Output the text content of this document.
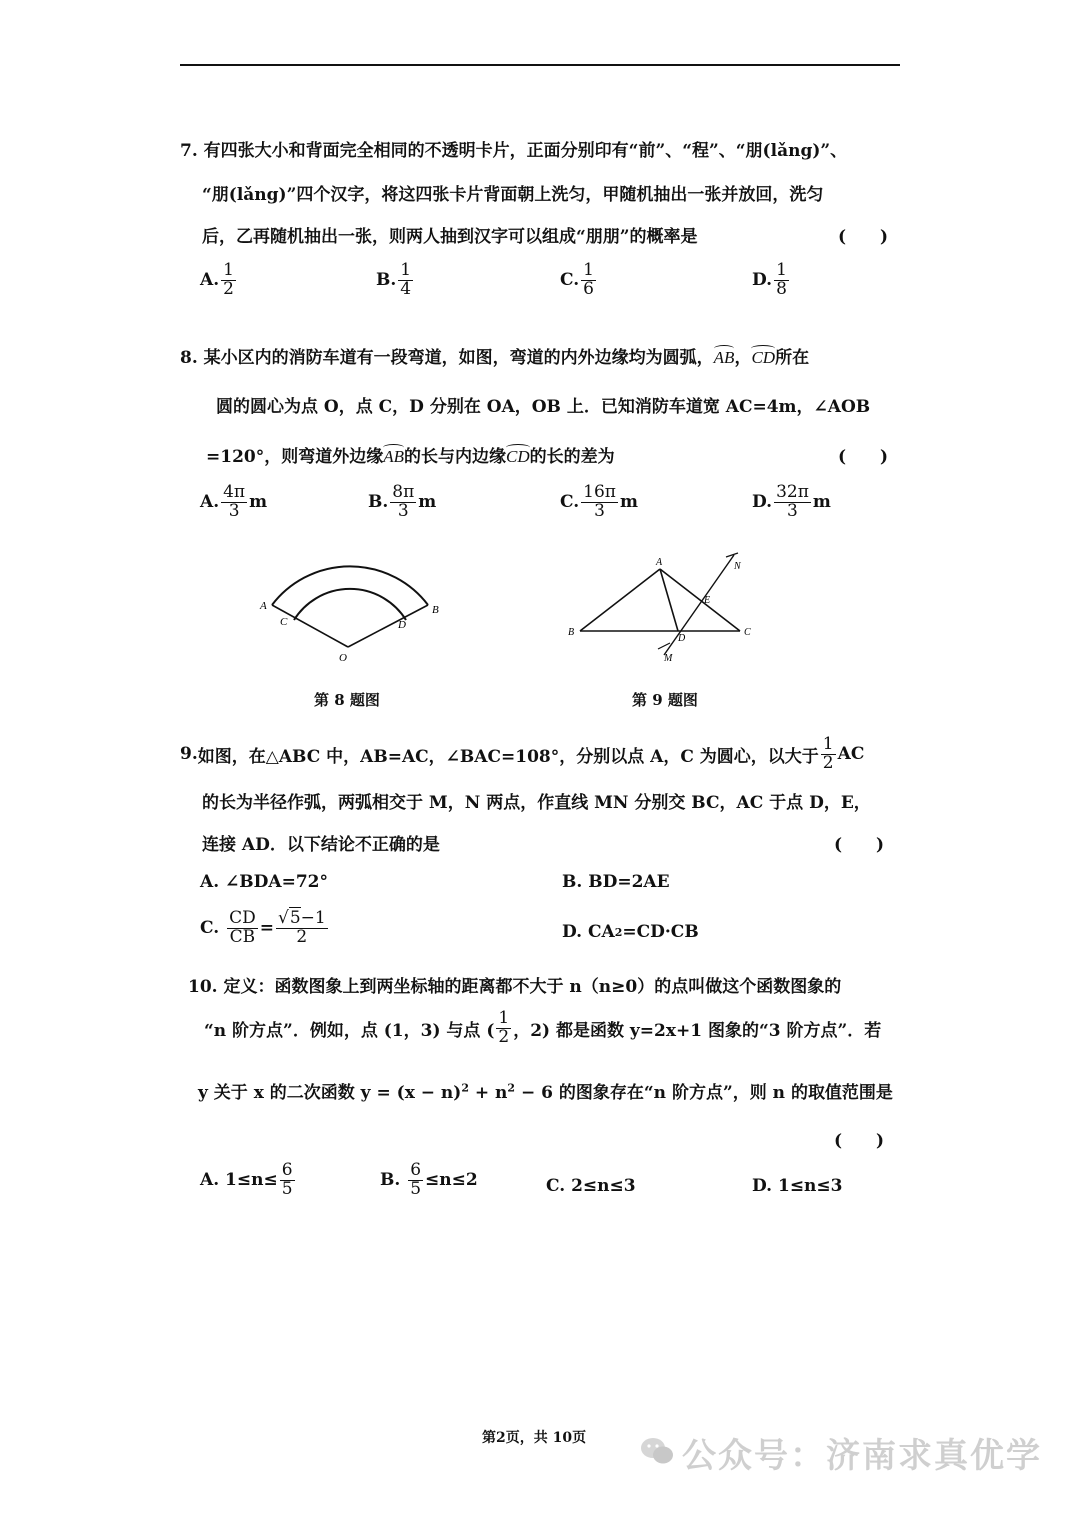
7. 有四张大小和背面完全相同的不透明卡片，正面分别印有“前”、“程”、“朋(lǎng)”、
“朋(lǎng)”四个汉字，将这四张卡片背面朝上洗匀，甲随机抽出一张并放回，洗匀
后，乙再随机抽出一张，则两人抽到汉字可以组成“朋朋”的概率是	(　　)
A. $\frac{1}{2}$	B. $\frac{1}{4}$	C. $\frac{1}{6}$	D. $\frac{1}{8}$
8. 某小区内的消防车道有一段弯道，如图，弯道的内外边缘均为圆弧，AB，CD所在
圆的圆心为点 O，点 C，D 分别在 OA，OB 上．已知消防车道宽 AC=4m，∠AOB
=120°，则弯道外边缘AB的长与内边缘CD的长的差为	(　　)
A. $\frac{4\pi}{3}$ m	B. $\frac{8\pi}{3}$ m	C. $\frac{16\pi}{3}$ m	D. $\frac{32\pi}{3}$ m
A	B
C	D
O
第 8 题图
A
B	C
D
E
M
N
第 9 题图
9. 如图，在△ABC 中，AB=AC，∠BAC=108°，分别以点 A，C 为圆心，以大于 $\frac{1}{2}$ AC
的长为半径作弧，两弧相交于 M，N 两点，作直线 MN 分别交 BC，AC 于点 D，E，
连接 AD．以下结论不正确的是	(　　)
A.
∠BDA=72°	B.
BD=2AE
C.
$\frac{CD}{CB} = \frac{√5-1}{2}$	D.
CA 2 =CD·CB
10. 定义：函数图象上到两坐标轴的距离都不大于 n（n≥0）的点叫做这个函数图象的
“n 阶方点”．例如，点 (1，3) 与点 ( $\frac{1}{2}$ ，2) 都是函数 y=2x+1 图象的“3 阶方点”．若
y 关于 x 的二次函数 $y = (x - n)^2 + n^2 - 6$ 的图象存在“n 阶方点”，则 n 的取值范围是
(　　)
A.
$1\le n\le \frac{6}{5}$	B.
$\frac{6}{5} \le n\le 2$	C.
2≤n≤3	D.
1≤n≤3
第2页，共 10页	公众号：济南求真优学
